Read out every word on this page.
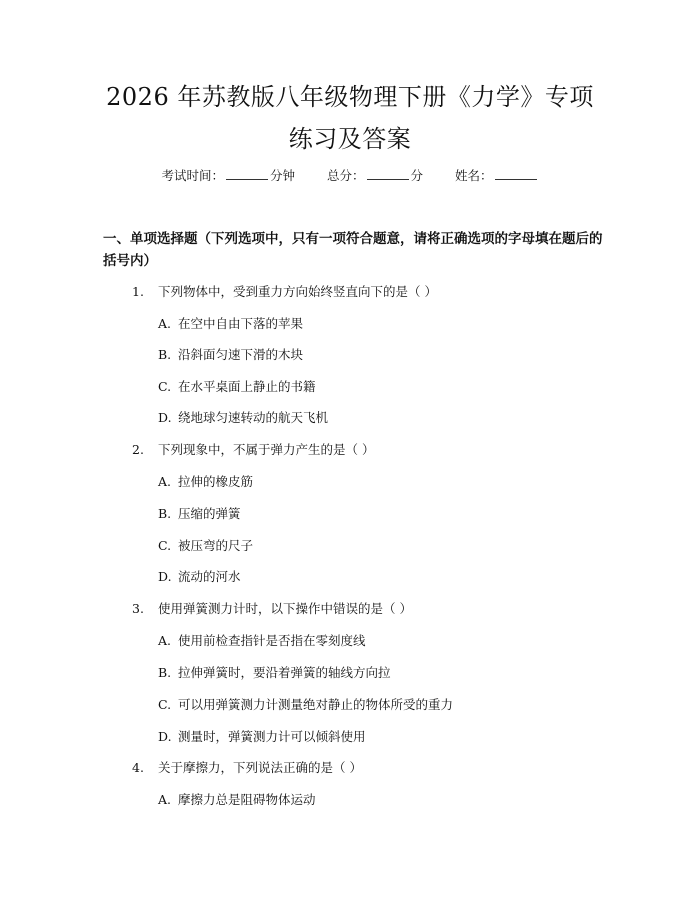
2026 年苏教版八年级物理下册《力学》专项
练习及答案
考试时间：	分钟	总分：	分	姓名：
一、单项选择题（下列选项中，只有一项符合题意，请将正确选项的字母填在题后的括号内）
1. 下列物体中，受到重力方向始终竖直向下的是（ ）
A. 在空中自由下落的苹果
B. 沿斜面匀速下滑的木块
C. 在水平桌面上静止的书籍
D. 绕地球匀速转动的航天飞机
2. 下列现象中，不属于弹力产生的是（ ）
A. 拉伸的橡皮筋
B. 压缩的弹簧
C. 被压弯的尺子
D. 流动的河水
3. 使用弹簧测力计时，以下操作中错误的是（ ）
A. 使用前检查指针是否指在零刻度线
B. 拉伸弹簧时，要沿着弹簧的轴线方向拉
C. 可以用弹簧测力计测量绝对静止的物体所受的重力
D. 测量时，弹簧测力计可以倾斜使用
4. 关于摩擦力，下列说法正确的是（ ）
A. 摩擦力总是阻碍物体运动
